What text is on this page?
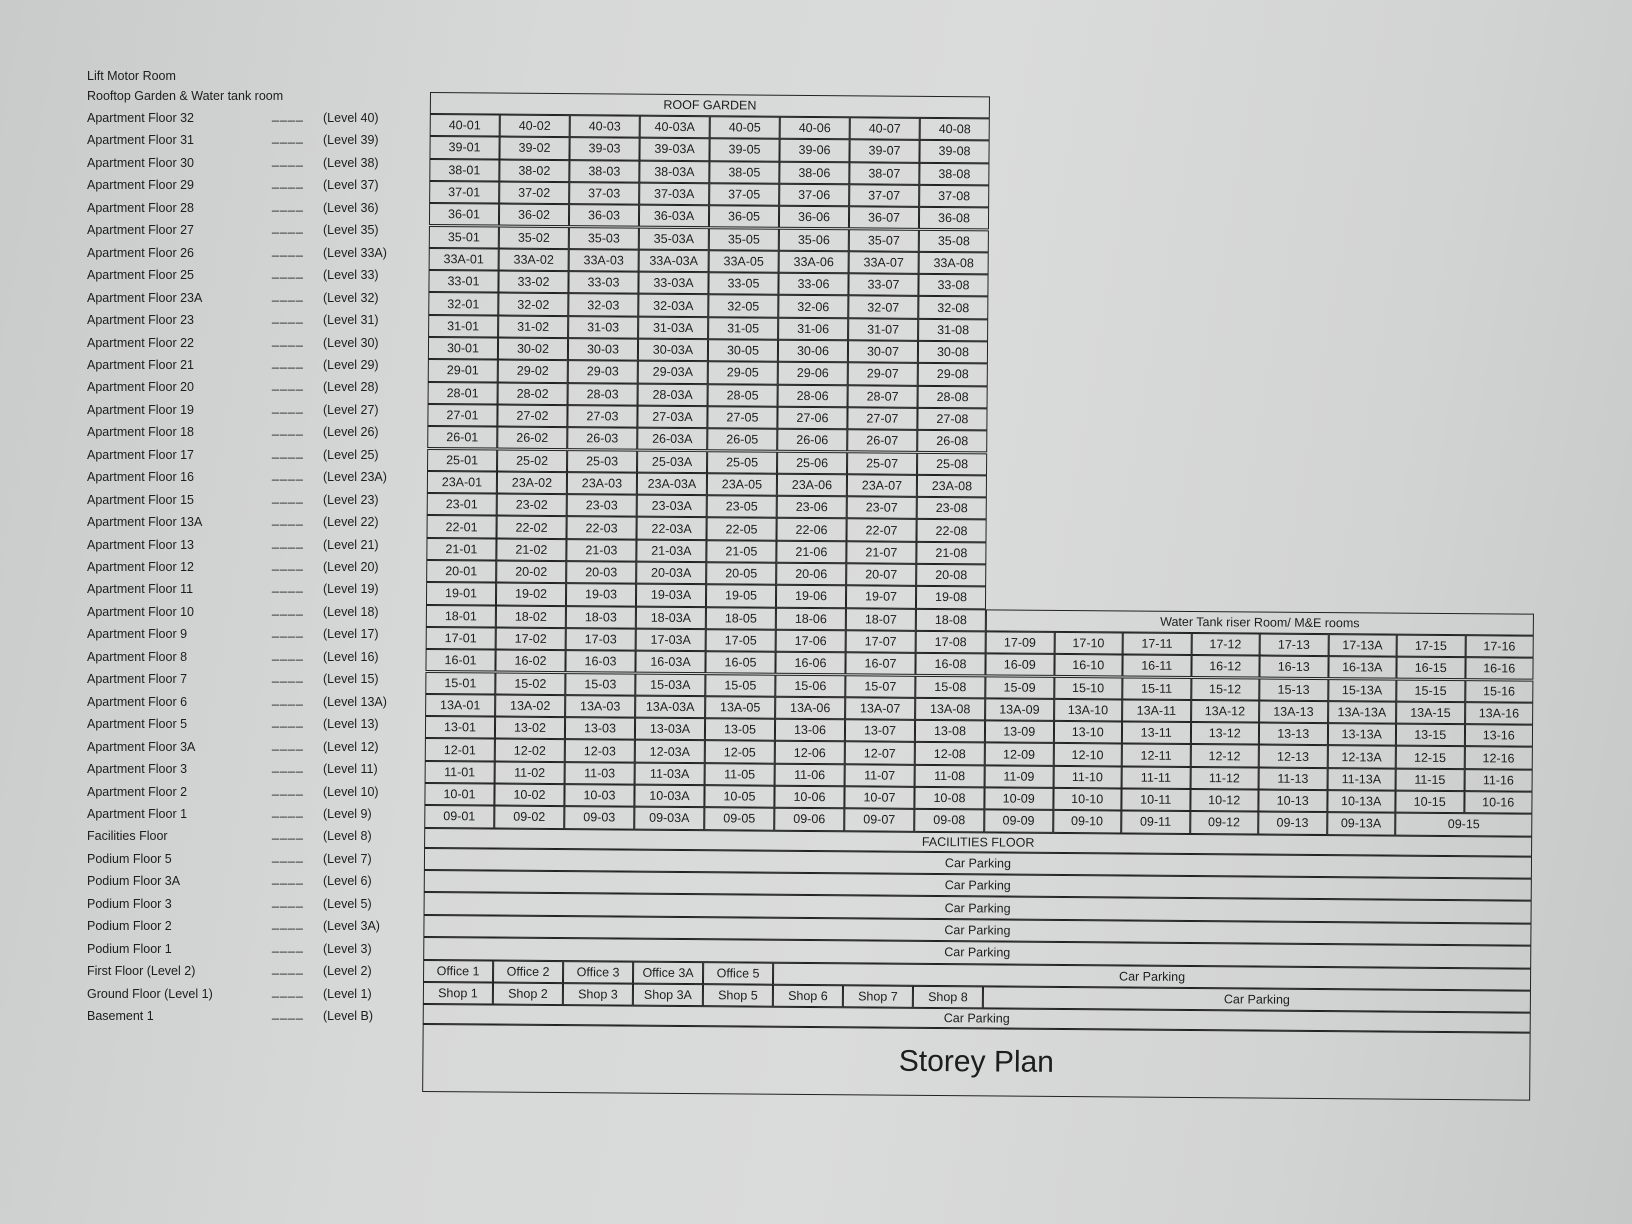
Lift Motor Room
Rooftop Garden & Water tank room
Apartment Floor 32	____ (Level 40)
Apartment Floor 31	____ (Level 39)
Apartment Floor 30	____ (Level 38)
Apartment Floor 29	____ (Level 37)
Apartment Floor 28	____ (Level 36)
Apartment Floor 27	____ (Level 35)
Apartment Floor 26	____ (Level 33A)
Apartment Floor 25	____ (Level 33)
Apartment Floor 23A	____ (Level 32)
Apartment Floor 23	____ (Level 31)
Apartment Floor 22	____ (Level 30)
Apartment Floor 21	____ (Level 29)
Apartment Floor 20	____ (Level 28)
Apartment Floor 19	____ (Level 27)
Apartment Floor 18	____ (Level 26)
Apartment Floor 17	____ (Level 25)
Apartment Floor 16	____ (Level 23A)
Apartment Floor 15	____ (Level 23)
Apartment Floor 13A	____ (Level 22)
Apartment Floor 13	____ (Level 21)
Apartment Floor 12	____ (Level 20)
Apartment Floor 11	____ (Level 19)
Apartment Floor 10	____ (Level 18)
Apartment Floor 9	____ (Level 17)
Apartment Floor 8	____ (Level 16)
Apartment Floor 7	____ (Level 15)
Apartment Floor 6	____ (Level 13A)
Apartment Floor 5	____ (Level 13)
Apartment Floor 3A	____ (Level 12)
Apartment Floor 3	____ (Level 11)
Apartment Floor 2	____ (Level 10)
Apartment Floor 1	____ (Level 9)
Facilities Floor	____ (Level 8)
Podium Floor 5	____ (Level 7)
Podium Floor 3A	____ (Level 6)
Podium Floor 3	____ (Level 5)
Podium Floor 2	____ (Level 3A)
Podium Floor 1	____ (Level 3)
First Floor (Level 2)	____ (Level 2)
Ground Floor (Level 1)	____ (Level 1)
Basement 1	____ (Level B)
ROOF GARDEN
40-01	40-02	40-03	40-03A	40-05	40-06	40-07	40-08
39-01	39-02	39-03	39-03A	39-05	39-06	39-07	39-08
38-01	38-02	38-03	38-03A	38-05	38-06	38-07	38-08
37-01	37-02	37-03	37-03A	37-05	37-06	37-07	37-08
36-01	36-02	36-03	36-03A	36-05	36-06	36-07	36-08
35-01	35-02	35-03	35-03A	35-05	35-06	35-07	35-08
33A-01	33A-02	33A-03	33A-03A	33A-05	33A-06	33A-07	33A-08
33-01	33-02	33-03	33-03A	33-05	33-06	33-07	33-08
32-01	32-02	32-03	32-03A	32-05	32-06	32-07	32-08
31-01	31-02	31-03	31-03A	31-05	31-06	31-07	31-08
30-01	30-02	30-03	30-03A	30-05	30-06	30-07	30-08
29-01	29-02	29-03	29-03A	29-05	29-06	29-07	29-08
28-01	28-02	28-03	28-03A	28-05	28-06	28-07	28-08
27-01	27-02	27-03	27-03A	27-05	27-06	27-07	27-08
26-01	26-02	26-03	26-03A	26-05	26-06	26-07	26-08
25-01	25-02	25-03	25-03A	25-05	25-06	25-07	25-08
23A-01	23A-02	23A-03	23A-03A	23A-05	23A-06	23A-07	23A-08
23-01	23-02	23-03	23-03A	23-05	23-06	23-07	23-08
22-01	22-02	22-03	22-03A	22-05	22-06	22-07	22-08
21-01	21-02	21-03	21-03A	21-05	21-06	21-07	21-08
20-01	20-02	20-03	20-03A	20-05	20-06	20-07	20-08
19-01	19-02	19-03	19-03A	19-05	19-06	19-07	19-08
18-01	18-02	18-03	18-03A	18-05	18-06	18-07	18-08	Water Tank riser Room/ M&E rooms
17-01	17-02	17-03	17-03A	17-05	17-06	17-07	17-08	17-09	17-10	17-11	17-12	17-13	17-13A	17-15	17-16
16-01	16-02	16-03	16-03A	16-05	16-06	16-07	16-08	16-09	16-10	16-11	16-12	16-13	16-13A	16-15	16-16
15-01	15-02	15-03	15-03A	15-05	15-06	15-07	15-08	15-09	15-10	15-11	15-12	15-13	15-13A	15-15	15-16
13A-01	13A-02	13A-03	13A-03A	13A-05	13A-06	13A-07	13A-08	13A-09	13A-10	13A-11	13A-12	13A-13	13A-13A	13A-15	13A-16
13-01	13-02	13-03	13-03A	13-05	13-06	13-07	13-08	13-09	13-10	13-11	13-12	13-13	13-13A	13-15	13-16
12-01	12-02	12-03	12-03A	12-05	12-06	12-07	12-08	12-09	12-10	12-11	12-12	12-13	12-13A	12-15	12-16
11-01	11-02	11-03	11-03A	11-05	11-06	11-07	11-08	11-09	11-10	11-11	11-12	11-13	11-13A	11-15	11-16
10-01	10-02	10-03	10-03A	10-05	10-06	10-07	10-08	10-09	10-10	10-11	10-12	10-13	10-13A	10-15	10-16
09-01	09-02	09-03	09-03A	09-05	09-06	09-07	09-08	09-09	09-10	09-11	09-12	09-13	09-13A	09-15
FACILITIES FLOOR
Car Parking
Car Parking
Car Parking
Car Parking
Car Parking
Office 1	Office 2	Office 3	Office 3A	Office 5	Car Parking
Shop 1	Shop 2	Shop 3	Shop 3A	Shop 5	Shop 6	Shop 7	Shop 8	Car Parking
Car Parking
Storey Plan
